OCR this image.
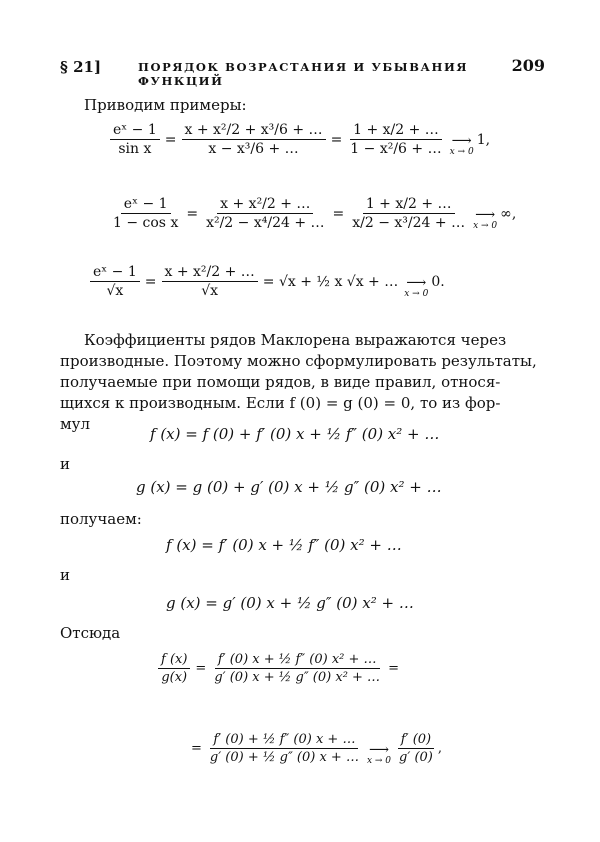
§ 21]	ПОРЯДОК ВОЗРАСТАНИЯ И УБЫВАНИЯ ФУНКЦИЙ
209
Приводим примеры:
$\frac{\text{eˣ − 1}}{\text{sin x}} = \frac{\text{x + x²/2 + x³/6 + …}}{\text{x − x³/6 + …}} = \frac{1 + x/2 + \dots}{\text{1 − x²/6 + …}}$ ⟶
x → 0
1,
$\frac{\text{eˣ − 1}}{\text{1 − cos x}} = \frac{\text{x + x²/2 + …}}{\text{x²/2 − x⁴/24 + …}} = \frac{1 + x/2 + \dots}{\text{x/2 − x³/24 + …}}$ ⟶
x → 0
∞,
$\frac{\text{eˣ − 1}}{√x} = \frac{\text{x + x²/2 + …}}{√x} = √x$ + ½ x √x + … ⟶
x → 0
0.
Коэффициенты рядов Маклорена выражаются через
производные. Поэтому можно сформулировать результаты,
получаемые при помощи рядов, в виде правил, относя-
щихся к производным. Если f (0) = g (0) = 0, то из фор-
мул
f (x) = f (0) + f′ (0) x + ½ f″ (0) x² + …
и
g (x) = g (0) + g′ (0) x + ½ g″ (0) x² + …
получаем:
f (x) = f′ (0) x + ½ f″ (0) x² + …
и
g (x) = g′ (0) x + ½ g″ (0) x² + …
Отсюда
$\frac{f (x)}{g(x)} = \frac{\text{f′ (0) x + ½ f″ (0) x² + …}}{\text{g′ (0) x + ½ g″ (0) x² + …}}$ =
= $\frac{\text{f′ (0) + ½ f″ (0) x + …}}{\text{g′ (0) + ½ g″ (0) x + …}}$ ⟶
$x \to 0 \frac{f' (0)}{g' (0)}$ ,
